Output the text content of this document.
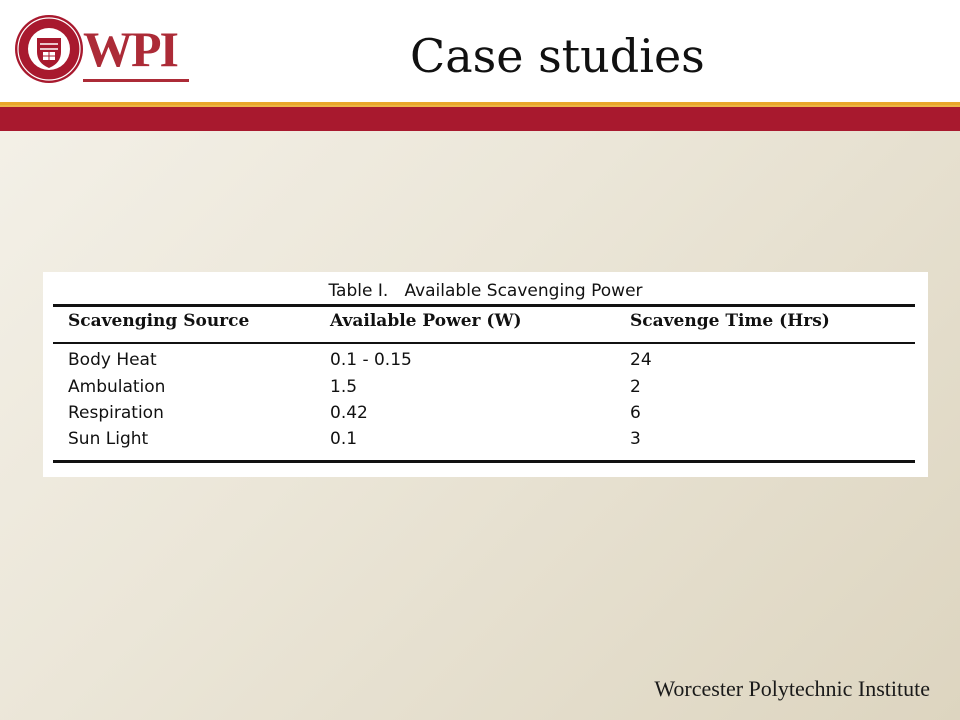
WPI	Case studies
Table I.   Available Scavenging Power
Scavenging Source	Available Power (W)	Scavenge Time (Hrs)
Body Heat	0.1 - 0.15	24
Ambulation	1.5	2
Respiration	0.42	6
Sun Light	0.1	3
Worcester Polytechnic Institute
